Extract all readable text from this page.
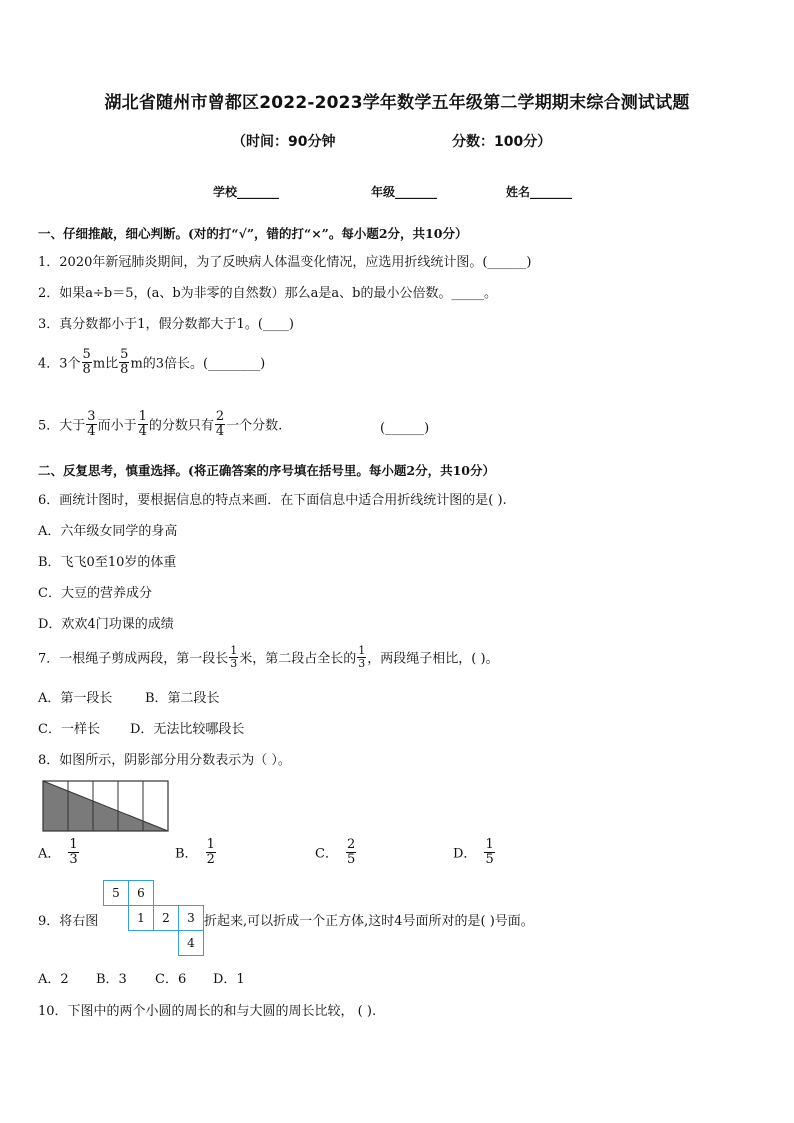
湖北省随州市曾都区2022-2023学年数学五年级第二学期期末综合测试试题
（时间：90分钟	分数：100分）
学校_______	年级_______	姓名_______
一、仔细推敲，细心判断。(对的打“√”，错的打“×”。每小题2分，共10分）
1．2020年新冠肺炎期间，为了反映病人体温变化情况，应选用折线统计图。(______)
2．如果a÷b＝5，(a、b为非零的自然数）那么a是a、b的最小公倍数。_____。
3．真分数都小于1，假分数都大于1。(____)
4．3个 $\frac{5}{8}$ m比 $\frac{5}{8}$ m的3倍长。(________)
5．大于 $\frac{3}{4}$ 而小于 $\frac{1}{4}$ 的分数只有 $\frac{2}{4}$ 一个分数.	(______)
二、反复思考，慎重选择。(将正确答案的序号填在括号里。每小题2分，共10分）
6．画统计图时，要根据信息的特点来画．在下面信息中适合用折线统计图的是( ).
A．六年级女同学的身高
B．飞飞0至10岁的体重
C．大豆的营养成分
D．欢欢4门功课的成绩
7．一根绳子剪成两段，第一段长 $\frac{1}{3}$ 米，第二段占全长的 $\frac{1}{3}$ ，两段绳子相比，( )。
A．第一段长	B．第二段长
C．一样长 D．无法比较哪段长
8．如图所示，阴影部分用分数表示为（ ）。
A． $\frac{1}{3}$	B． $\frac{1}{2}$	C． $\frac{2}{5}$	D． $\frac{1}{5}$
9．将右图
5	6
1	2	3
4
折起来,可以折成一个正方体,这时4号面所对的是( )号面。
A．2 B．3 C．6 D．1
10．下图中的两个小圆的周长的和与大圆的周长比较， ( ).
